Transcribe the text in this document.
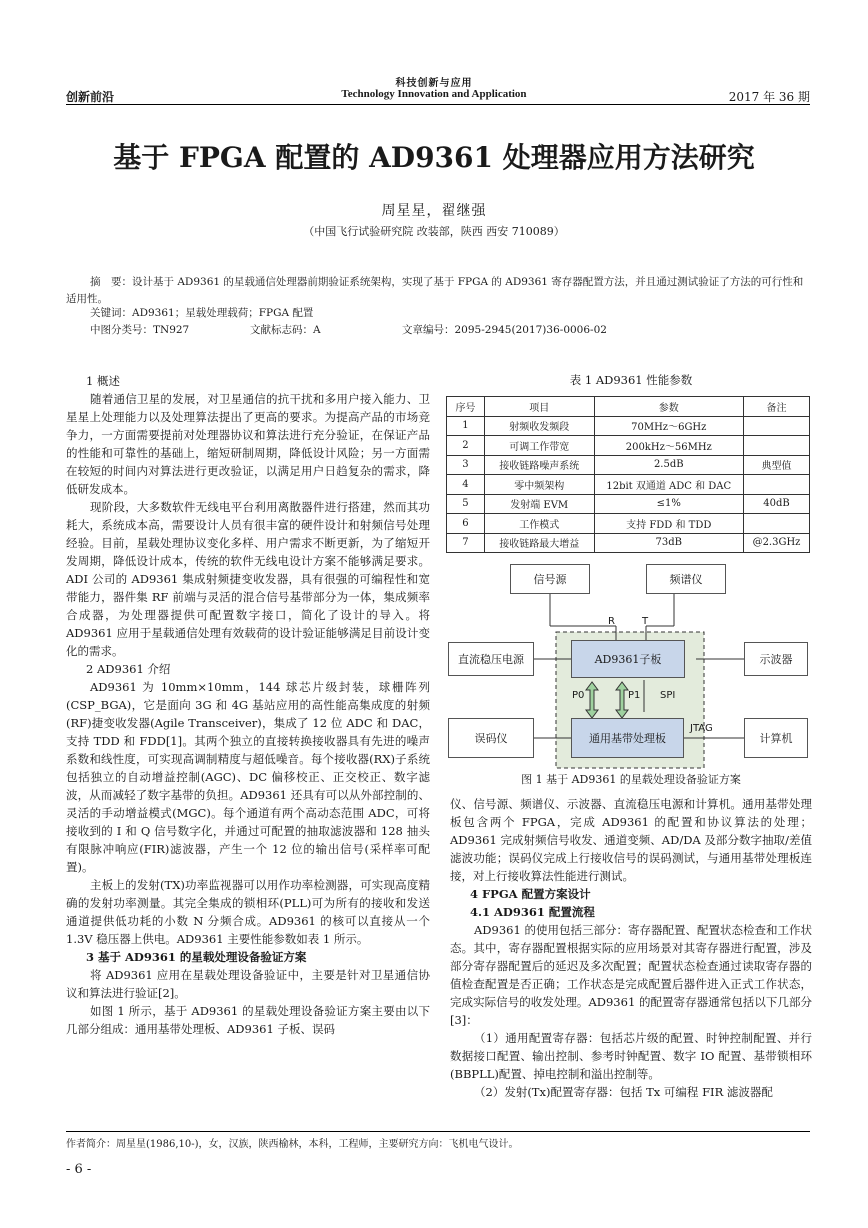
科技创新与应用
Technology Innovation and Application
创新前沿	2017 年 36 期
基于 FPGA 配置的 AD9361 处理器应用方法研究
周星星，翟继强
（中国飞行试验研究院 改装部，陕西 西安 710089）
摘　要：设计基于 AD9361 的星载通信处理器前期验证系统架构，实现了基于 FPGA 的 AD9361 寄存器配置方法，并且通过测试验证了方法的可行性和适用性。
关键词：AD9361；星载处理载荷；FPGA 配置
中图分类号：TN927	文献标志码：A	文章编号：2095-2945(2017)36-0006-02

1 概述

随着通信卫星的发展，对卫星通信的抗干扰和多用户接入能力、卫星星上处理能力以及处理算法提出了更高的要求。为提高产品的市场竞争力，一方面需要提前对处理器协议和算法进行充分验证，在保证产品的性能和可靠性的基础上，缩短研制周期，降低设计风险；另一方面需在较短的时间内对算法进行更改验证，以满足用户日趋复杂的需求，降低研发成本。

现阶段，大多数软件无线电平台利用离散器件进行搭建，然而其功耗大，系统成本高，需要设计人员有很丰富的硬件设计和射频信号处理经验。目前，星载处理协议变化多样、用户需求不断更新，为了缩短开发周期，降低设计成本，传统的软件无线电设计方案不能够满足要求。ADI 公司的 AD9361 集成射频捷变收发器，具有很强的可编程性和宽带能力，器件集 RF 前端与灵活的混合信号基带部分为一体，集成频率合成器，为处理器提供可配置数字接口，简化了设计的导入。将 AD9361 应用于星载通信处理有效载荷的设计验证能够满足目前设计变化的需求。

2 AD9361 介绍

AD9361 为 10mm×10mm，144 球芯片级封装，球栅阵列(CSP_BGA)，它是面向 3G 和 4G 基站应用的高性能高集成度的射频(RF)捷变收发器(Agile Transceiver)，集成了 12 位 ADC 和 DAC，支持 TDD 和 FDD[1]。其两个独立的直接转换接收器具有先进的噪声系数和线性度，可实现高调制精度与超低噪音。每个接收器(RX)子系统包括独立的自动增益控制(AGC)、DC 偏移校正、正交校正、数字滤波，从而减轻了数字基带的负担。AD9361 还具有可以从外部控制的、灵活的手动增益模式(MGC)。每个通道有两个高动态范围 ADC，可将接收到的 I 和 Q 信号数字化，并通过可配置的抽取滤波器和 128 抽头有限脉冲响应(FIR)滤波器，产生一个 12 位的输出信号(采样率可配置)。

主板上的发射(TX)功率监视器可以用作功率检测器，可实现高度精确的发射功率测量。其完全集成的锁相环(PLL)可为所有的接收和发送通道提供低功耗的小数 N 分频合成。AD9361 的核可以直接从一个 1.3V 稳压器上供电。AD9361 主要性能参数如表 1 所示。

3 基于 AD9361 的星载处理设备验证方案

将 AD9361 应用在星载处理设备验证中，主要是针对卫星通信协议和算法进行验证[2]。

如图 1 所示，基于 AD9361 的星载处理设备验证方案主要由以下几部分组成：通用基带处理板、AD9361 子板、误码

表 1 AD9361 性能参数
序号	项目	参数	备注
1	射频收发频段	70MHz～6GHz	
2	可调工作带宽	200kHz～56MHz	
3	接收链路噪声系统	2.5dB	典型值
4	零中频架构	12bit 双通道 ADC 和 DAC	
5	发射端 EVM	≤1%	40dB
6	工作模式	支持 FDD 和 TDD	
7	接收链路最大增益	73dB	@2.3GHz
信号源	频谱仪
R	T
直流稳压电源	AD9361子板	示波器
P0	P1 SPI
误码仪	通用基带处理板
JTAG
计算机
图 1 基于 AD9361 的星载处理设备验证方案

仪、信号源、频谱仪、示波器、直流稳压电源和计算机。通用基带处理板包含两个 FPGA，完成 AD9361 的配置和协议算法的处理；AD9361 完成射频信号收发、通道变频、AD/DA 及部分数字抽取/差值滤波功能；误码仪完成上行接收信号的误码测试，与通用基带处理板连接，对上行接收算法性能进行测试。

4 FPGA 配置方案设计

4.1 AD9361 配置流程

AD9361 的使用包括三部分：寄存器配置、配置状态检查和工作状态。其中，寄存器配置根据实际的应用场景对其寄存器进行配置，涉及部分寄存器配置后的延迟及多次配置；配置状态检查通过读取寄存器的值检查配置是否正确；工作状态是完成配置后器件进入正式工作状态，完成实际信号的收发处理。AD9361 的配置寄存器通常包括以下几部分[3]：

（1）通用配置寄存器：包括芯片级的配置、时钟控制配置、并行数据接口配置、输出控制、参考时钟配置、数字 IO 配置、基带锁相环(BBPLL)配置、掉电控制和溢出控制等。

（2）发射(Tx)配置寄存器：包括 Tx 可编程 FIR 滤波器配

作者简介：周星星(1986,10-)，女，汉族，陕西榆林，本科，工程师，主要研究方向：飞机电气设计。
- 6 -
